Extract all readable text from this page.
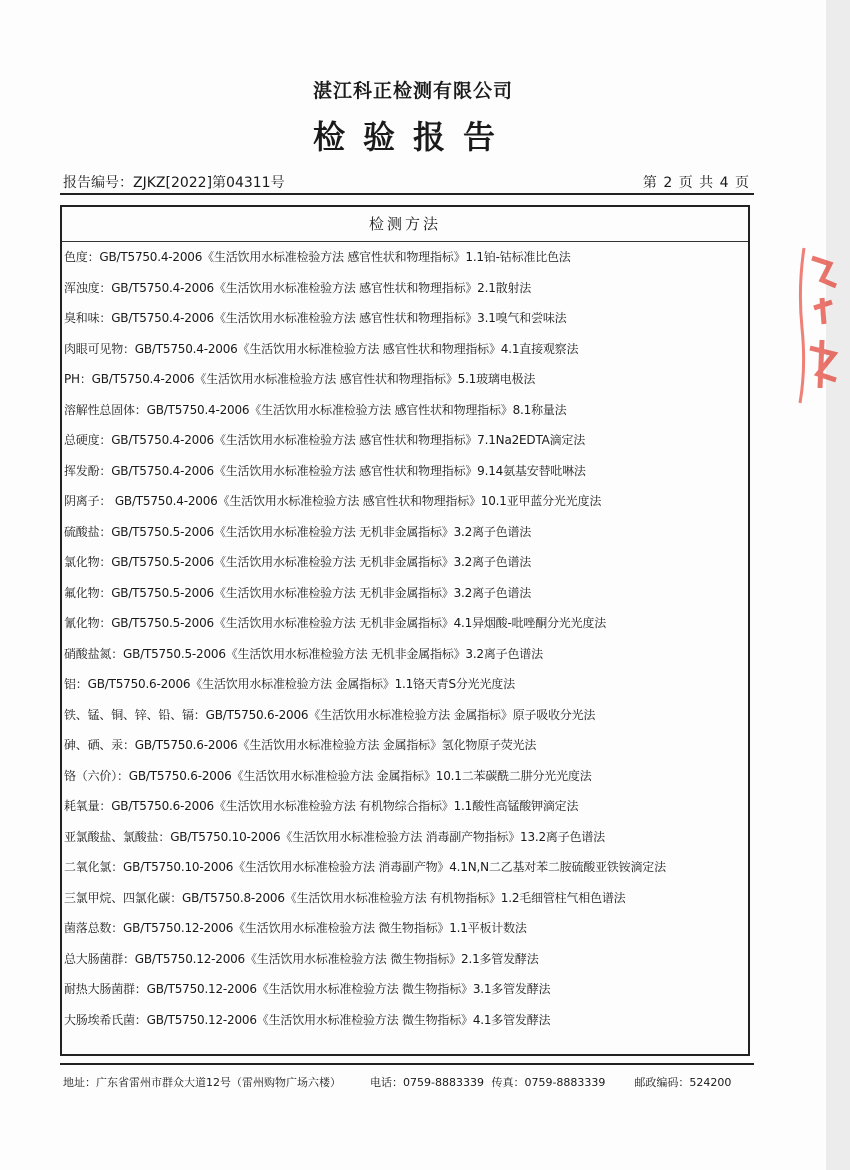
湛江科正检测有限公司
检验报告
报告编号：ZJKZ[2022]第04311号	第 2 页 共 4 页
检测方法
色度：GB/T5750.4-2006《生活饮用水标准检验方法 感官性状和物理指标》1.1铂-钴标准比色法
浑浊度：GB/T5750.4-2006《生活饮用水标准检验方法 感官性状和物理指标》2.1散射法
臭和味：GB/T5750.4-2006《生活饮用水标准检验方法 感官性状和物理指标》3.1嗅气和尝味法
肉眼可见物：GB/T5750.4-2006《生活饮用水标准检验方法 感官性状和物理指标》4.1直接观察法
PH：GB/T5750.4-2006《生活饮用水标准检验方法 感官性状和物理指标》5.1玻璃电极法
溶解性总固体：GB/T5750.4-2006《生活饮用水标准检验方法 感官性状和物理指标》8.1称量法
总硬度：GB/T5750.4-2006《生活饮用水标准检验方法 感官性状和物理指标》7.1Na2EDTA滴定法
挥发酚：GB/T5750.4-2006《生活饮用水标准检验方法 感官性状和物理指标》9.14氨基安替吡啉法
阴离子： GB/T5750.4-2006《生活饮用水标准检验方法 感官性状和物理指标》10.1亚甲蓝分光光度法
硫酸盐：GB/T5750.5-2006《生活饮用水标准检验方法 无机非金属指标》3.2离子色谱法
氯化物：GB/T5750.5-2006《生活饮用水标准检验方法 无机非金属指标》3.2离子色谱法
氟化物：GB/T5750.5-2006《生活饮用水标准检验方法 无机非金属指标》3.2离子色谱法
氰化物：GB/T5750.5-2006《生活饮用水标准检验方法 无机非金属指标》4.1异烟酸-吡唑酮分光光度法
硝酸盐氮：GB/T5750.5-2006《生活饮用水标准检验方法 无机非金属指标》3.2离子色谱法
铝：GB/T5750.6-2006《生活饮用水标准检验方法 金属指标》1.1铬天青S分光光度法
铁、锰、铜、锌、铅、镉：GB/T5750.6-2006《生活饮用水标准检验方法 金属指标》原子吸收分光法
砷、硒、汞：GB/T5750.6-2006《生活饮用水标准检验方法 金属指标》氢化物原子荧光法
铬（六价）：GB/T5750.6-2006《生活饮用水标准检验方法 金属指标》10.1二苯碳酰二肼分光光度法
耗氧量：GB/T5750.6-2006《生活饮用水标准检验方法 有机物综合指标》1.1酸性高锰酸钾滴定法
亚氯酸盐、氯酸盐：GB/T5750.10-2006《生活饮用水标准检验方法 消毒副产物指标》13.2离子色谱法
二氧化氯：GB/T5750.10-2006《生活饮用水标准检验方法 消毒副产物》4.1N,N二乙基对苯二胺硫酸亚铁铵滴定法
三氯甲烷、四氯化碳：GB/T5750.8-2006《生活饮用水标准检验方法 有机物指标》1.2毛细管柱气相色谱法
菌落总数：GB/T5750.12-2006《生活饮用水标准检验方法 微生物指标》1.1平板计数法
总大肠菌群：GB/T5750.12-2006《生活饮用水标准检验方法 微生物指标》2.1多管发酵法
耐热大肠菌群：GB/T5750.12-2006《生活饮用水标准检验方法 微生物指标》3.1多管发酵法
大肠埃希氏菌：GB/T5750.12-2006《生活饮用水标准检验方法 微生物指标》4.1多管发酵法
地址：广东省雷州市群众大道12号（雷州购物广场六楼）	电话：0759-8883339 传真：0759-8883339	邮政编码：524200
